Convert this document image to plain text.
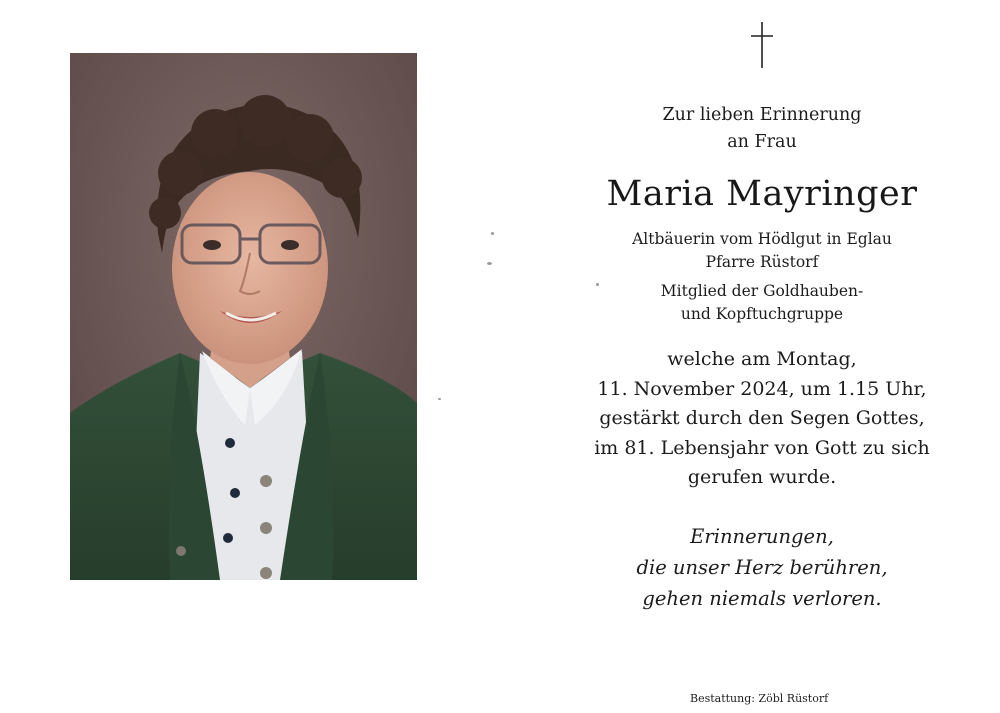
Zur lieben Erinnerung
an Frau
Maria Mayringer
Altbäuerin vom Hödlgut in Eglau
Pfarre Rüstorf
Mitglied der Goldhauben-
und Kopftuchgruppe
welche am Montag,
11. November 2024, um 1.15 Uhr,
gestärkt durch den Segen Gottes,
im 81. Lebensjahr von Gott zu sich
gerufen wurde.
Erinnerungen,
die unser Herz berühren,
gehen niemals verloren.
Bestattung: Zöbl Rüstorf
